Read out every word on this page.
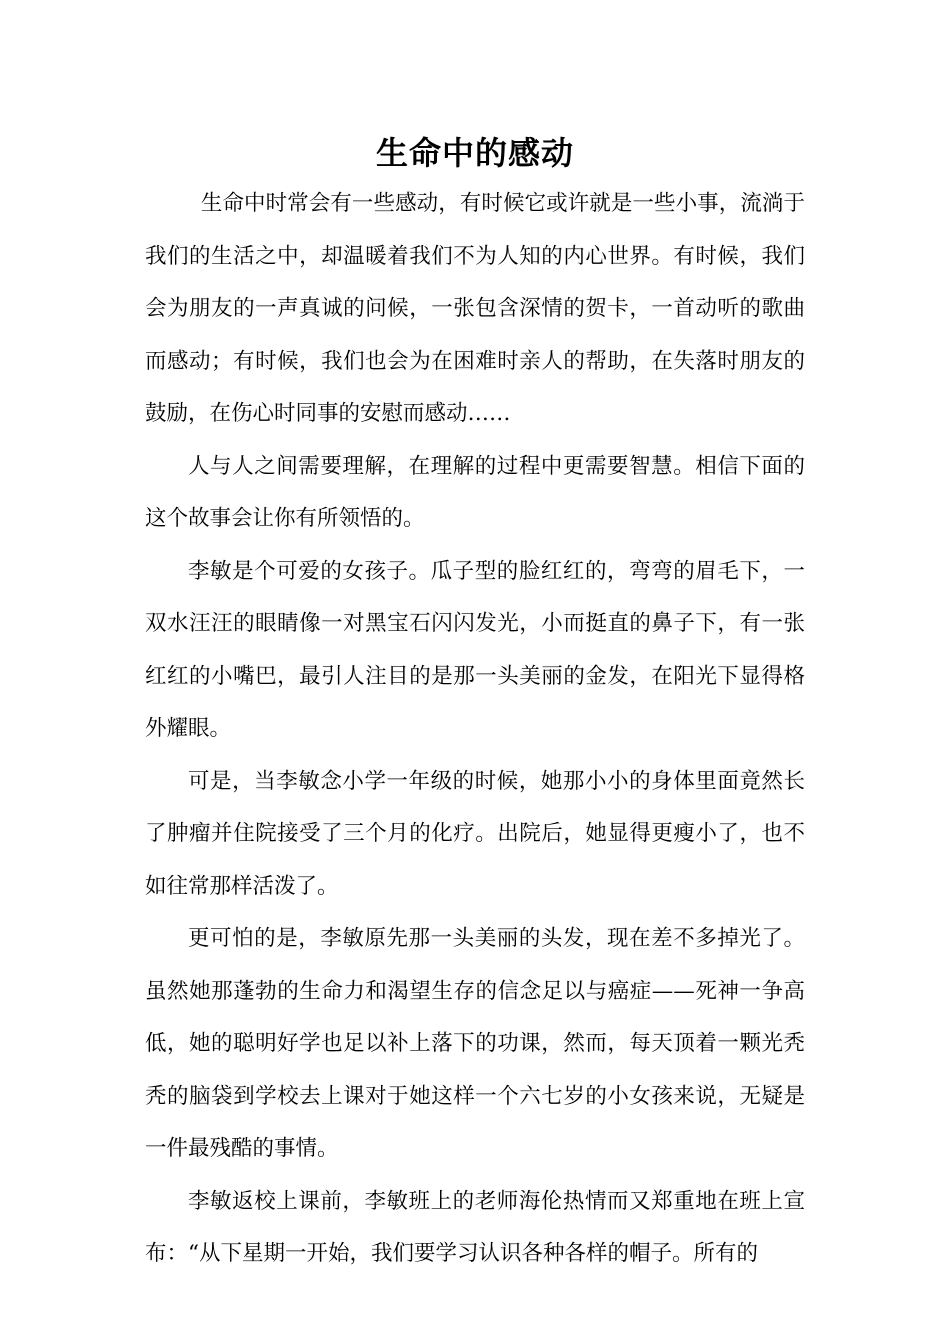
生命中的感动

生命中时常会有一些感动，有时候它或许就是一些小事，流淌于我们的生活之中，却温暖着我们不为人知的内心世界。有时候，我们会为朋友的一声真诚的问候，一张包含深情的贺卡，一首动听的歌曲而感动；有时候，我们也会为在困难时亲人的帮助，在失落时朋友的鼓励，在伤心时同事的安慰而感动……

人与人之间需要理解，在理解的过程中更需要智慧。相信下面的这个故事会让你有所领悟的。

李敏是个可爱的女孩子。瓜子型的脸红红的，弯弯的眉毛下，一双水汪汪的眼睛像一对黑宝石闪闪发光，小而挺直的鼻子下，有一张红红的小嘴巴，最引人注目的是那一头美丽的金发，在阳光下显得格外耀眼。

可是，当李敏念小学一年级的时候，她那小小的身体里面竟然长了肿瘤并住院接受了三个月的化疗。出院后，她显得更瘦小了，也不如往常那样活泼了。

更可怕的是，李敏原先那一头美丽的头发，现在差不多掉光了。虽然她那蓬勃的生命力和渴望生存的信念足以与癌症——死神一争高低，她的聪明好学也足以补上落下的功课，然而，每天顶着一颗光秃秃的脑袋到学校去上课对于她这样一个六七岁的小女孩来说，无疑是一件最残酷的事情。

李敏返校上课前，李敏班上的老师海伦热情而又郑重地在班上宣布：“从下星期一开始，我们要学习认识各种各样的帽子。所有的
